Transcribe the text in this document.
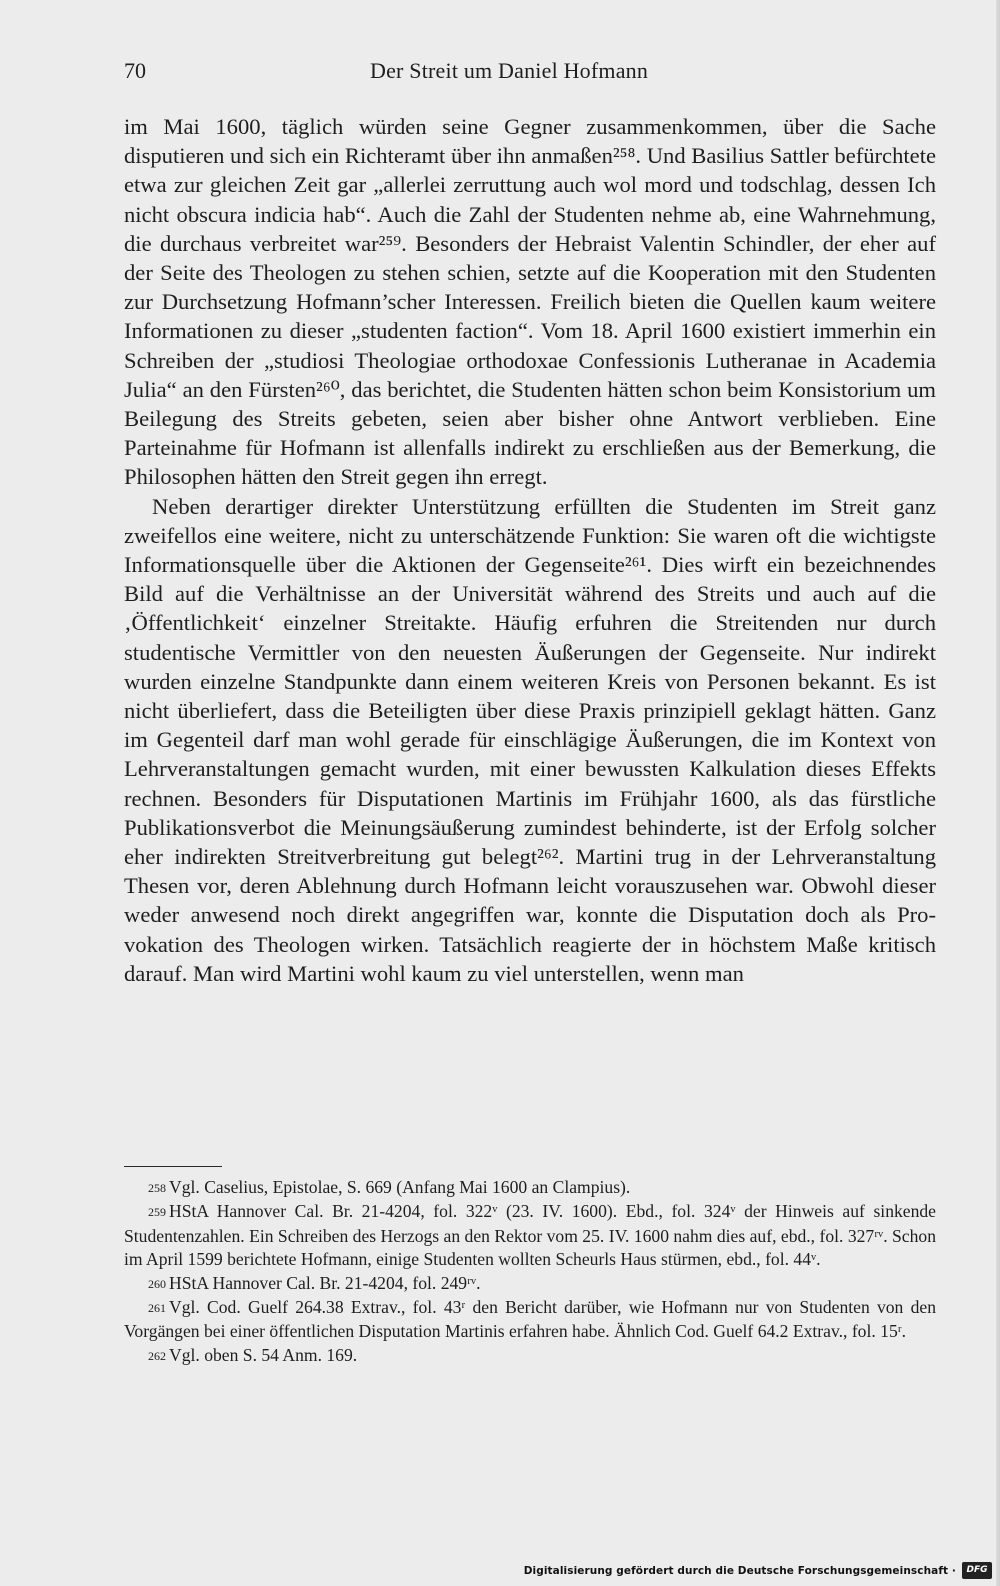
70	Der Streit um Daniel Hofmann

im Mai 1600, täglich würden seine Gegner zusammenkommen, über die Sache disputieren und sich ein Richteramt über ihn anmaßen²⁵⁸. Und Basilius Sattler befürchtete etwa zur gleichen Zeit gar „allerlei zerruttung auch wol mord und todschlag, dessen Ich nicht obscura indicia hab“. Auch die Zahl der Studenten nehme ab, eine Wahrnehmung, die durchaus verbreitet war²⁵⁹. Besonders der Hebraist Valentin Schindler, der eher auf der Seite des Theologen zu stehen schien, setzte auf die Kooperation mit den Studenten zur Durchsetzung Hofmann’scher Interessen. Freilich bieten die Quellen kaum weitere Informationen zu dieser „studenten faction“. Vom 18. April 1600 existiert immerhin ein Schreiben der „studiosi Theologiae orthodoxae Confessionis Lutheranae in Academia Julia“ an den Fürsten²⁶⁰, das berichtet, die Studenten hätten schon beim Konsistorium um Beilegung des Streits gebeten, seien aber bisher ohne Antwort verblieben. Eine Parteinahme für Hofmann ist allenfalls indirekt zu erschließen aus der Bemerkung, die Philosophen hätten den Streit gegen ihn erregt.

Neben derartiger direkter Unterstützung erfüllten die Studenten im Streit ganz zweifellos eine weitere, nicht zu unterschätzende Funktion: Sie waren oft die wichtigste Informationsquelle über die Aktionen der Gegenseite²⁶¹. Dies wirft ein bezeichnendes Bild auf die Verhältnisse an der Universität während des Streits und auch auf die ‚Öffentlichkeit‘ einzelner Streitakte. Häufig erfuhren die Streitenden nur durch studentische Vermittler von den neuesten Äußerungen der Gegenseite. Nur indirekt wurden einzelne Standpunkte dann einem weiteren Kreis von Personen bekannt. Es ist nicht überliefert, dass die Beteiligten über diese Praxis prinzipiell geklagt hätten. Ganz im Gegenteil darf man wohl gerade für einschlägige Äußerungen, die im Kontext von Lehrveranstaltungen gemacht wurden, mit einer bewussten Kalkulation dieses Effekts rechnen. Besonders für Disputationen Martinis im Frühjahr 1600, als das fürstliche Publikationsverbot die Meinungsäußerung zumindest behinderte, ist der Erfolg solcher eher indirekten Streitverbreitung gut belegt²⁶². Martini trug in der Lehrveranstaltung Thesen vor, deren Ablehnung durch Hofmann leicht vorauszusehen war. Obwohl dieser weder anwesend noch direkt angegriffen war, konnte die Disputation doch als Provokation des Theologen wirken. Tatsächlich reagierte der in höchstem Maße kritisch darauf. Man wird Martini wohl kaum zu viel unterstellen, wenn man

258 Vgl. Caselius, Epistolae, S. 669 (Anfang Mai 1600 an Clampius).

259 HStA Hannover Cal. Br. 21-4204, fol. 322ᵛ (23. IV. 1600). Ebd., fol. 324ᵛ der Hinweis auf sinkende Studentenzahlen. Ein Schreiben des Herzogs an den Rektor vom 25. IV. 1600 nahm dies auf, ebd., fol. 327ʳᵛ. Schon im April 1599 berichtete Hofmann, einige Studenten wollten Scheurls Haus stürmen, ebd., fol. 44ᵛ.

260 HStA Hannover Cal. Br. 21-4204, fol. 249ʳᵛ.

261 Vgl. Cod. Guelf 264.38 Extrav., fol. 43ʳ den Bericht darüber, wie Hofmann nur von Studenten von den Vorgängen bei einer öffentlichen Disputation Martinis erfahren habe. Ähnlich Cod. Guelf 64.2 Extrav., fol. 15ʳ.

262 Vgl. oben S. 54 Anm. 169.

Digitalisierung gefördert durch die Deutsche Forschungsgemeinschaft ·	DFG
